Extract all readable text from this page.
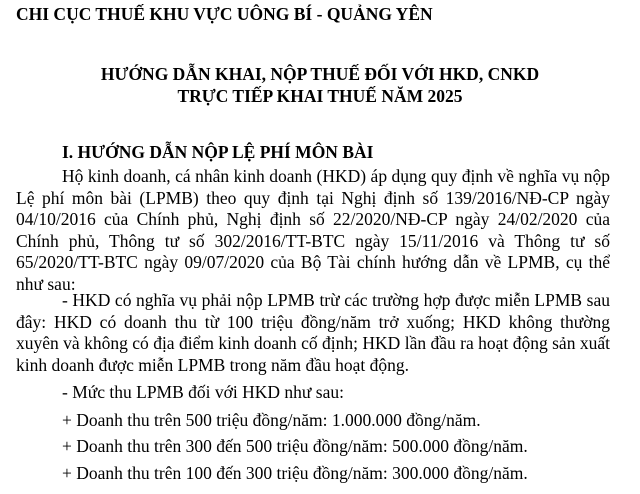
CHI CỤC THUẾ KHU VỰC UÔNG BÍ - QUẢNG YÊN
HƯỚNG DẪN KHAI, NỘP THUẾ ĐỐI VỚI HKD, CNKD
TRỰC TIẾP KHAI THUẾ NĂM 2025
I. HƯỚNG DẪN NỘP LỆ PHÍ MÔN BÀI

Hộ kinh doanh, cá nhân kinh doanh (HKD) áp dụng quy định về nghĩa vụ nộp Lệ phí môn bài (LPMB) theo quy định tại Nghị định số 139/2016/NĐ-CP ngày 04/10/2016 của Chính phủ, Nghị định số 22/2020/NĐ-CP ngày 24/02/2020 của Chính phủ, Thông tư số 302/2016/TT-BTC ngày 15/11/2016 và Thông tư số 65/2020/TT-BTC ngày 09/07/2020 của Bộ Tài chính hướng dẫn về LPMB, cụ thể như sau:

- HKD có nghĩa vụ phải nộp LPMB trừ các trường hợp được miễn LPMB sau đây: HKD có doanh thu từ 100 triệu đồng/năm trở xuống; HKD không thường xuyên và không có địa điểm kinh doanh cố định; HKD lần đầu ra hoạt động sản xuất kinh doanh được miễn LPMB trong năm đầu hoạt động.

- Mức thu LPMB đối với HKD như sau:
+ Doanh thu trên 500 triệu đồng/năm: 1.000.000 đồng/năm.
+ Doanh thu trên 300 đến 500 triệu đồng/năm: 500.000 đồng/năm.
+ Doanh thu trên 100 đến 300 triệu đồng/năm: 300.000 đồng/năm.
